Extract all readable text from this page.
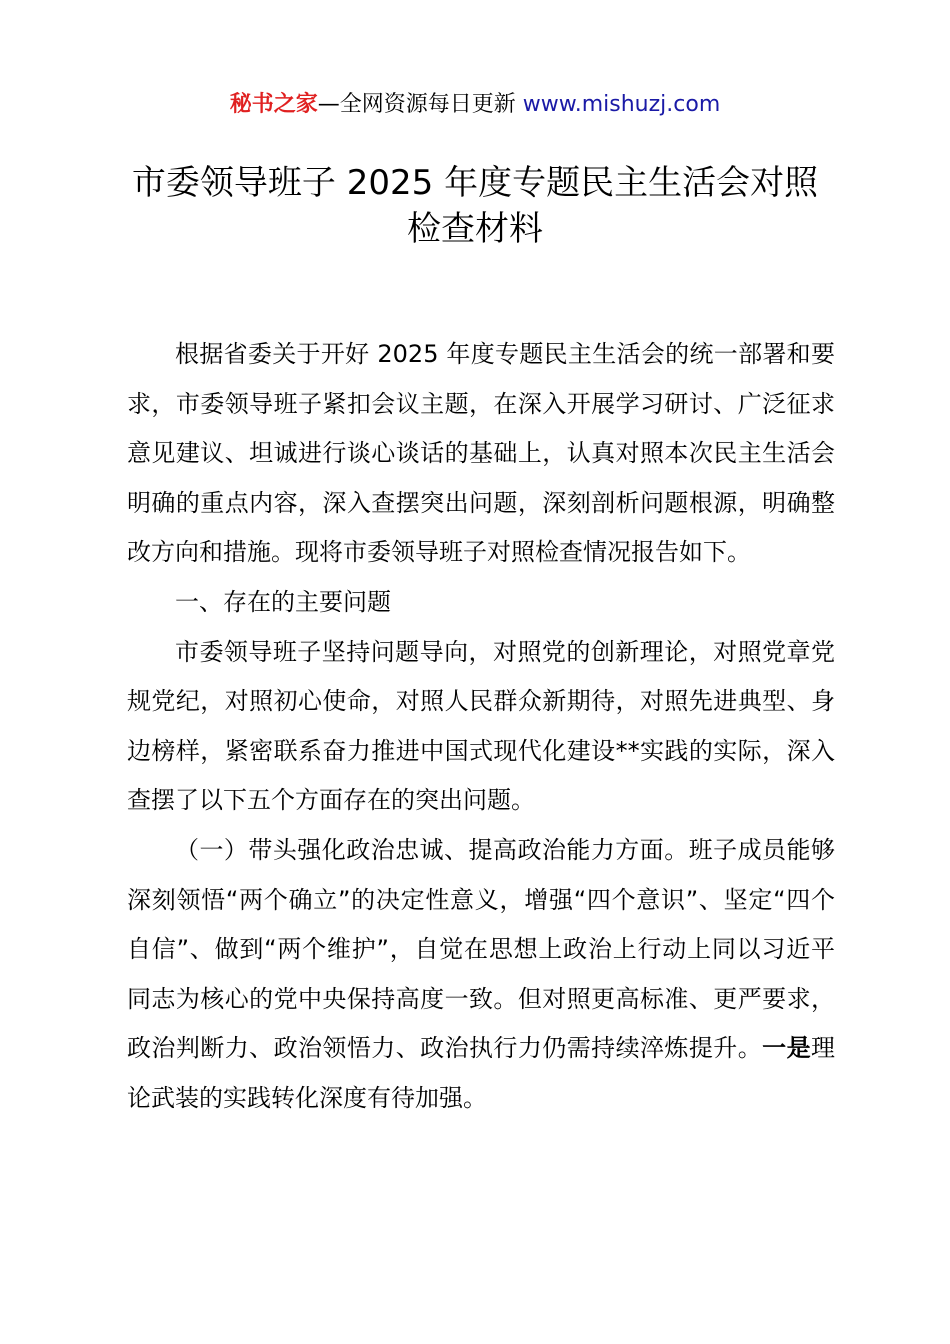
秘书之家—全网资源每日更新 www.mishuzj.com
市委领导班子 2025 年度专题民主生活会对照
检查材料

根据省委关于开好 2025 年度专题民主生活会的统一部署和要求，市委领导班子紧扣会议主题，在深入开展学习研讨、广泛征求意见建议、坦诚进行谈心谈话的基础上，认真对照本次民主生活会明确的重点内容，深入查摆突出问题，深刻剖析问题根源，明确整改方向和措施。现将市委领导班子对照检查情况报告如下。

一、存在的主要问题

市委领导班子坚持问题导向，对照党的创新理论，对照党章党规党纪，对照初心使命，对照人民群众新期待，对照先进典型、身边榜样，紧密联系奋力推进中国式现代化建设**实践的实际，深入查摆了以下五个方面存在的突出问题。

（一）带头强化政治忠诚、提高政治能力方面。班子成员能够深刻领悟“两个确立”的决定性意义，增强“四个意识”、坚定“四个自信”、做到“两个维护”，自觉在思想上政治上行动上同以习近平同志为核心的党中央保持高度一致。但对照更高标准、更严要求，政治判断力、政治领悟力、政治执行力仍需持续淬炼提升。一是理论武装的实践转化深度有待加强。
